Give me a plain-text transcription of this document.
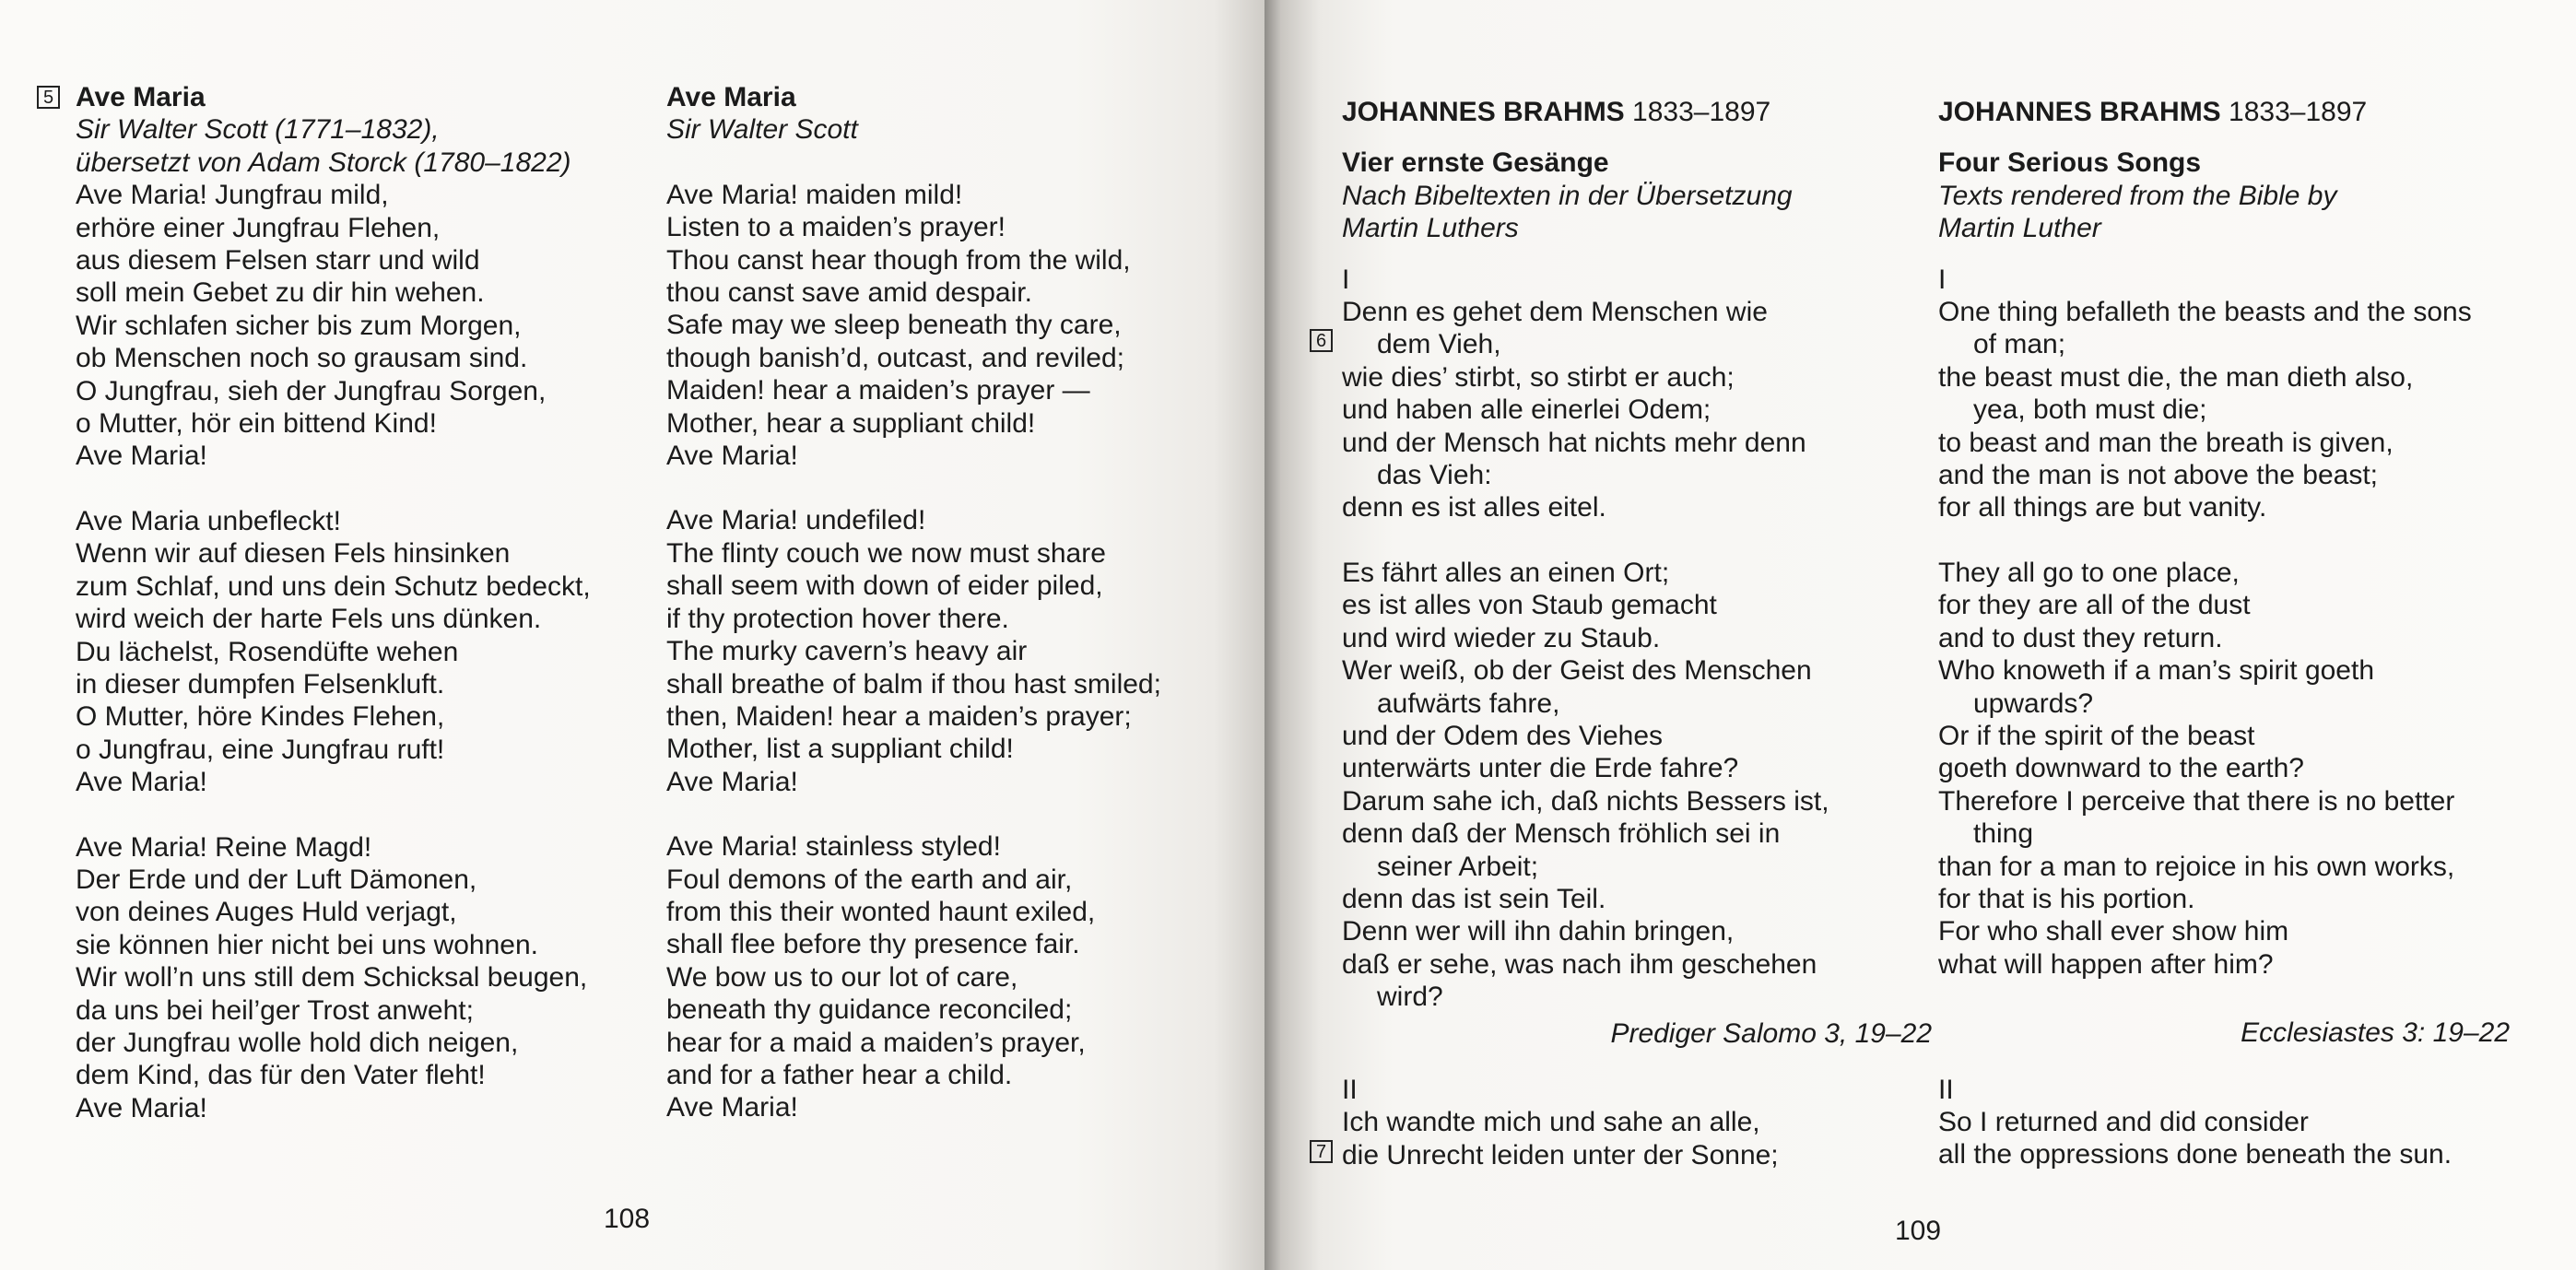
5 Ave Maria
Sir Walter Scott (1771–1832),
übersetzt von Adam Storck (1780–1822)
Ave Maria! Jungfrau mild,
erhöre einer Jungfrau Flehen,
aus diesem Felsen starr und wild
soll mein Gebet zu dir hin wehen.
Wir schlafen sicher bis zum Morgen,
ob Menschen noch so grausam sind.
O Jungfrau, sieh der Jungfrau Sorgen,
o Mutter, hör ein bittend Kind!
Ave Maria!
Ave Maria unbefleckt!
Wenn wir auf diesen Fels hinsinken
zum Schlaf, und uns dein Schutz bedeckt,
wird weich der harte Fels uns dünken.
Du lächelst, Rosendüfte wehen
in dieser dumpfen Felsenkluft.
O Mutter, höre Kindes Flehen,
o Jungfrau, eine Jungfrau ruft!
Ave Maria!
Ave Maria! Reine Magd!
Der Erde und der Luft Dämonen,
von deines Auges Huld verjagt,
sie können hier nicht bei uns wohnen.
Wir woll’n uns still dem Schicksal beugen,
da uns bei heil’ger Trost anweht;
der Jungfrau wolle hold dich neigen,
dem Kind, das für den Vater fleht!
Ave Maria!
Ave Maria
Sir Walter Scott
Ave Maria! maiden mild!
Listen to a maiden’s prayer!
Thou canst hear though from the wild,
thou canst save amid despair.
Safe may we sleep beneath thy care,
though banish’d, outcast, and reviled;
Maiden! hear a maiden’s prayer —
Mother, hear a suppliant child!
Ave Maria!
Ave Maria! undefiled!
The flinty couch we now must share
shall seem with down of eider piled,
if thy protection hover there.
The murky cavern’s heavy air
shall breathe of balm if thou hast smiled;
then, Maiden! hear a maiden’s prayer;
Mother, list a suppliant child!
Ave Maria!
Ave Maria! stainless styled!
Foul demons of the earth and air,
from this their wonted haunt exiled,
shall flee before thy presence fair.
We bow us to our lot of care,
beneath thy guidance reconciled;
hear for a maid a maiden’s prayer,
and for a father hear a child.
Ave Maria!
108
JOHANNES BRAHMS 1833–1897
Vier ernste Gesänge
Nach Bibeltexten in der Übersetzung
Martin Luthers
I
Denn es gehet dem Menschen wie
dem Vieh,
wie dies’ stirbt, so stirbt er auch;
und haben alle einerlei Odem;
und der Mensch hat nichts mehr denn
das Vieh:
denn es ist alles eitel.
Es fährt alles an einen Ort;
es ist alles von Staub gemacht
und wird wieder zu Staub.
Wer weiß, ob der Geist des Menschen
aufwärts fahre,
und der Odem des Viehes
unterwärts unter die Erde fahre?
Darum sahe ich, daß nichts Bessers ist,
denn daß der Mensch fröhlich sei in
seiner Arbeit;
denn das ist sein Teil.
Denn wer will ihn dahin bringen,
daß er sehe, was nach ihm geschehen
wird?
Prediger Salomo 3, 19–22
II
Ich wandte mich und sahe an alle,
die Unrecht leiden unter der Sonne;
6
7
JOHANNES BRAHMS 1833–1897
Four Serious Songs
Texts rendered from the Bible by
Martin Luther
I
One thing befalleth the beasts and the sons
of man;
the beast must die, the man dieth also,
yea, both must die;
to beast and man the breath is given,
and the man is not above the beast;
for all things are but vanity.
They all go to one place,
for they are all of the dust
and to dust they return.
Who knoweth if a man’s spirit goeth
upwards?
Or if the spirit of the beast
goeth downward to the earth?
Therefore I perceive that there is no better
thing
than for a man to rejoice in his own works,
for that is his portion.
For who shall ever show him
what will happen after him?
Ecclesiastes 3: 19–22
II
So I returned and did consider
all the oppressions done beneath the sun.
109
